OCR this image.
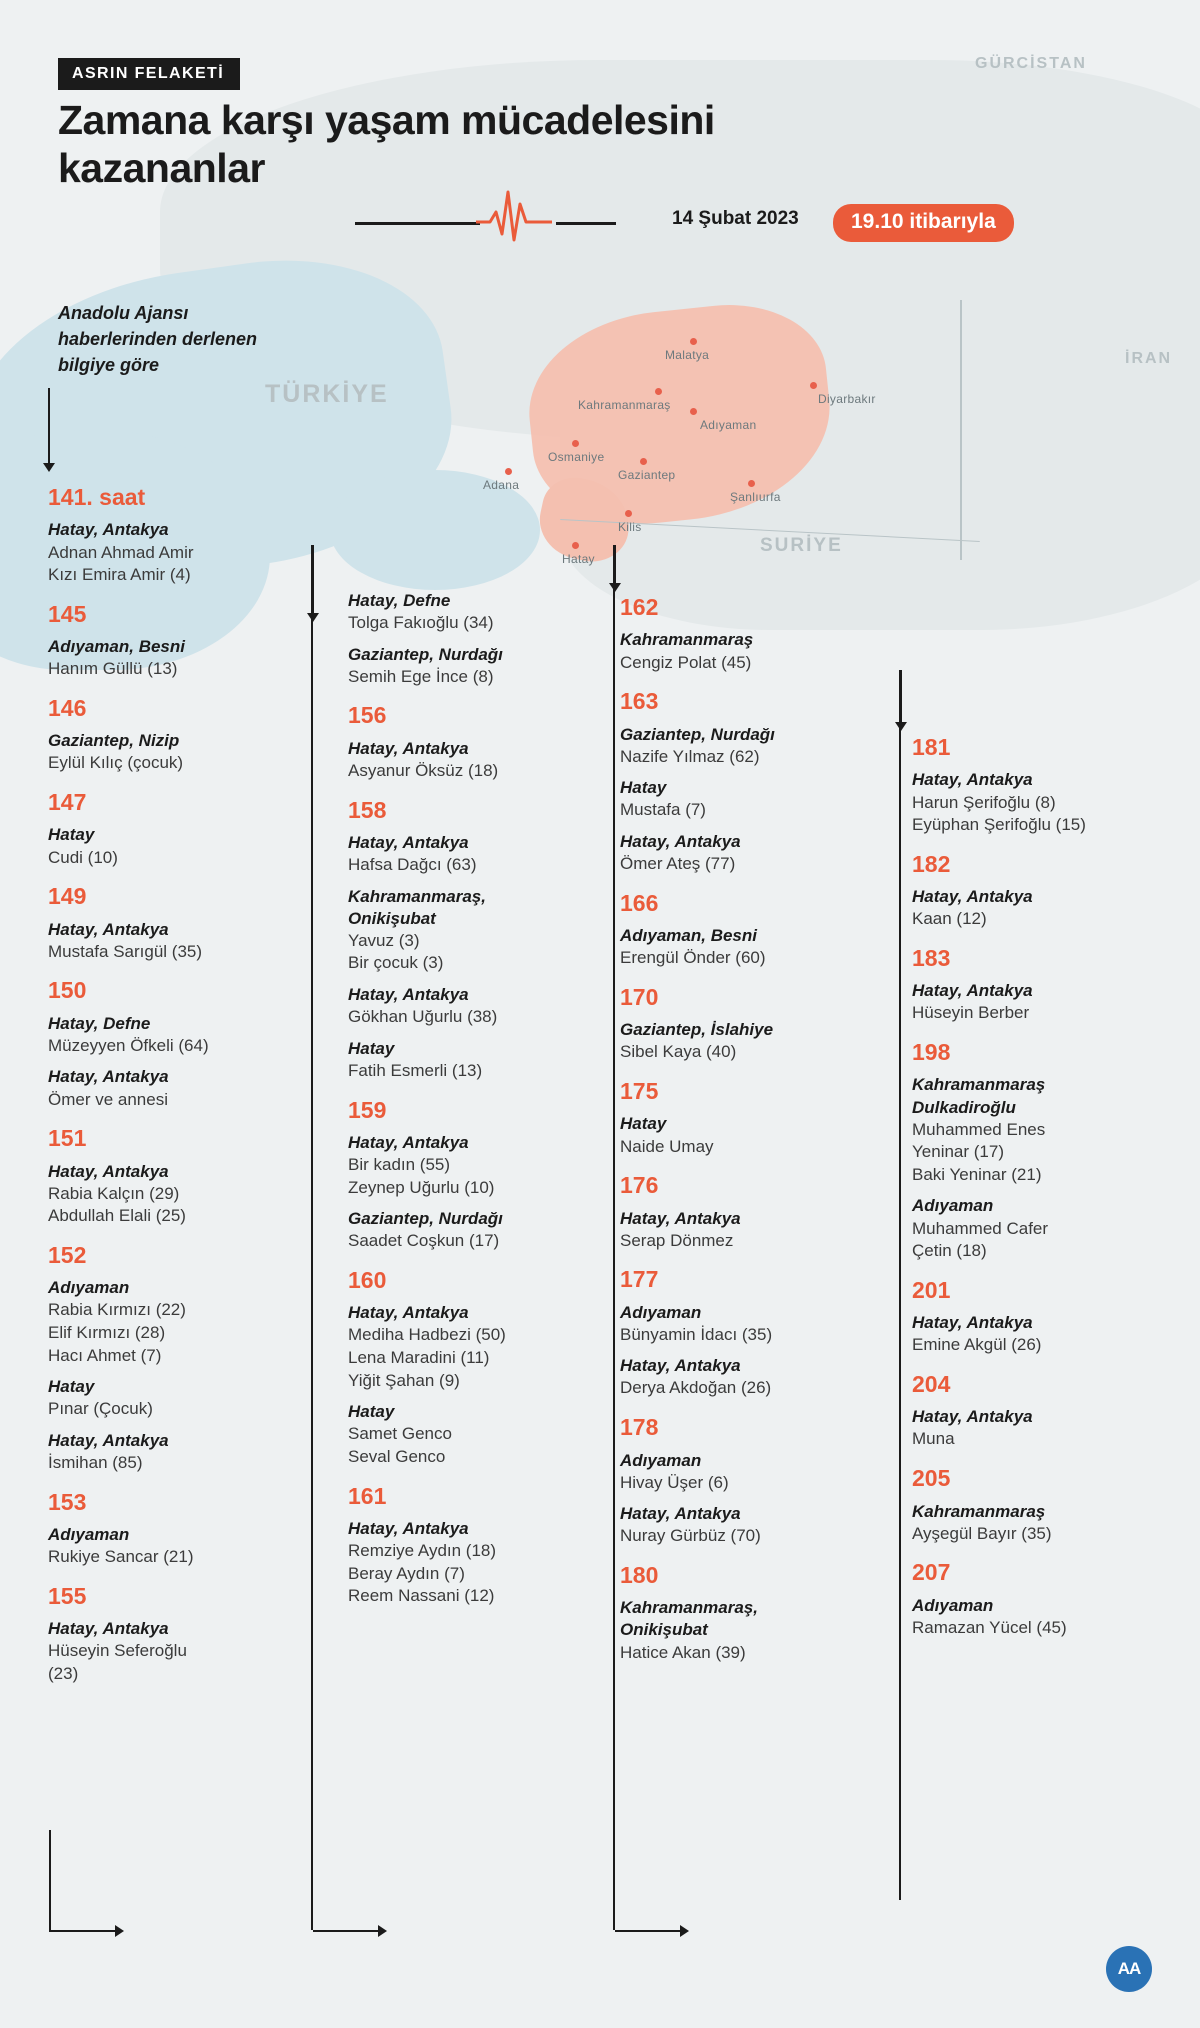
GÜRCİSTAN
TÜRKİYE
İRAN
SURİYE
Malatya
Kahramanmaraş	Diyarbakır
Adıyaman
Osmaniye
Gaziantep
Adana
Şanlıurfa
Kilis
Hatay
ASRIN FELAKETİ
Zamana karşı yaşam mücadelesini kazananlar
14 Şubat 2023	19.10 itibarıyla
Anadolu Ajansı
haberlerinden derlenen
bilgiye göre
141. saat
Hatay, Antakya
Adnan Ahmad Amir
Kızı Emira Amir (4)
145
Adıyaman, Besni
Hanım Güllü (13)
146
Gaziantep, Nizip
Eylül Kılıç (çocuk)
147
Hatay
Cudi (10)
149
Hatay, Antakya
Mustafa Sarıgül (35)
150
Hatay, Defne
Müzeyyen Öfkeli (64)
Hatay, Antakya
Ömer ve annesi
151
Hatay, Antakya
Rabia Kalçın (29)
Abdullah Elali (25)
152
Adıyaman
Rabia Kırmızı (22)
Elif Kırmızı (28)
Hacı Ahmet (7)
Hatay
Pınar (Çocuk)
Hatay, Antakya
İsmihan (85)
153
Adıyaman
Rukiye Sancar (21)
155
Hatay, Antakya
Hüseyin Seferoğlu
(23)
Hatay, Defne
Tolga Fakıoğlu (34)
Gaziantep, Nurdağı
Semih Ege İnce (8)
156
Hatay, Antakya
Asyanur Öksüz (18)
158
Hatay, Antakya
Hafsa Dağcı (63)
Kahramanmaraş,
Onikişubat
Yavuz (3)
Bir çocuk (3)
Hatay, Antakya
Gökhan Uğurlu (38)
Hatay
Fatih Esmerli (13)
159
Hatay, Antakya
Bir kadın (55)
Zeynep Uğurlu (10)
Gaziantep, Nurdağı
Saadet Coşkun (17)
160
Hatay, Antakya
Mediha Hadbezi (50)
Lena Maradini (11)
Yiğit Şahan (9)
Hatay
Samet Genco
Seval Genco
161
Hatay, Antakya
Remziye Aydın (18)
Beray Aydın (7)
Reem Nassani (12)
162
Kahramanmaraş
Cengiz Polat (45)
163
Gaziantep, Nurdağı
Nazife Yılmaz (62)
Hatay
Mustafa (7)
Hatay, Antakya
Ömer Ateş (77)
166
Adıyaman, Besni
Erengül Önder (60)
170
Gaziantep, İslahiye
Sibel Kaya (40)
175
Hatay
Naide Umay
176
Hatay, Antakya
Serap Dönmez
177
Adıyaman
Bünyamin İdacı (35)
Hatay, Antakya
Derya Akdoğan (26)
178
Adıyaman
Hivay Üşer (6)
Hatay, Antakya
Nuray Gürbüz (70)
180
Kahramanmaraş,
Onikişubat
Hatice Akan (39)
181
Hatay, Antakya
Harun Şerifoğlu (8)
Eyüphan Şerifoğlu (15)
182
Hatay, Antakya
Kaan (12)
183
Hatay, Antakya
Hüseyin Berber
198
Kahramanmaraş
Dulkadiroğlu
Muhammed Enes
Yeninar (17)
Baki Yeninar (21)
Adıyaman
Muhammed Cafer
Çetin (18)
201
Hatay, Antakya
Emine Akgül (26)
204
Hatay, Antakya
Muna
205
Kahramanmaraş
Ayşegül Bayır (35)
207
Adıyaman
Ramazan Yücel (45)
AA
